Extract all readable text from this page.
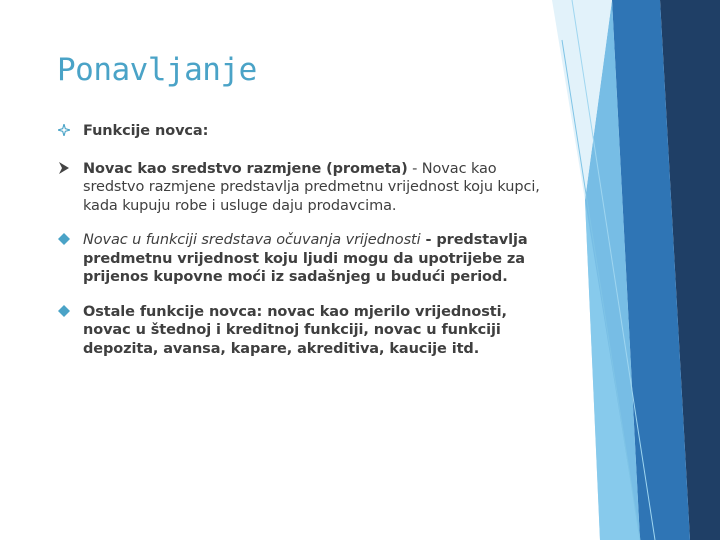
Ponavljanje
Funkcije novca:
Novac kao sredstvo razmjene (prometa) - Novac kao sredstvo razmjene predstavlja predmetnu vrijednost koju kupci, kada kupuju robe i usluge daju prodavcima.
Novac u funkciji sredstava očuvanja vrijednosti - predstavlja predmetnu vrijednost koju ljudi mogu da upotrijebe za prijenos kupovne moći iz sadašnjeg u budući period.
Ostale funkcije novca: novac kao mjerilo vrijednosti, novac u štednoj i kreditnoj funkciji, novac u funkciji depozita, avansa, kapare, akreditiva, kaucije itd.
